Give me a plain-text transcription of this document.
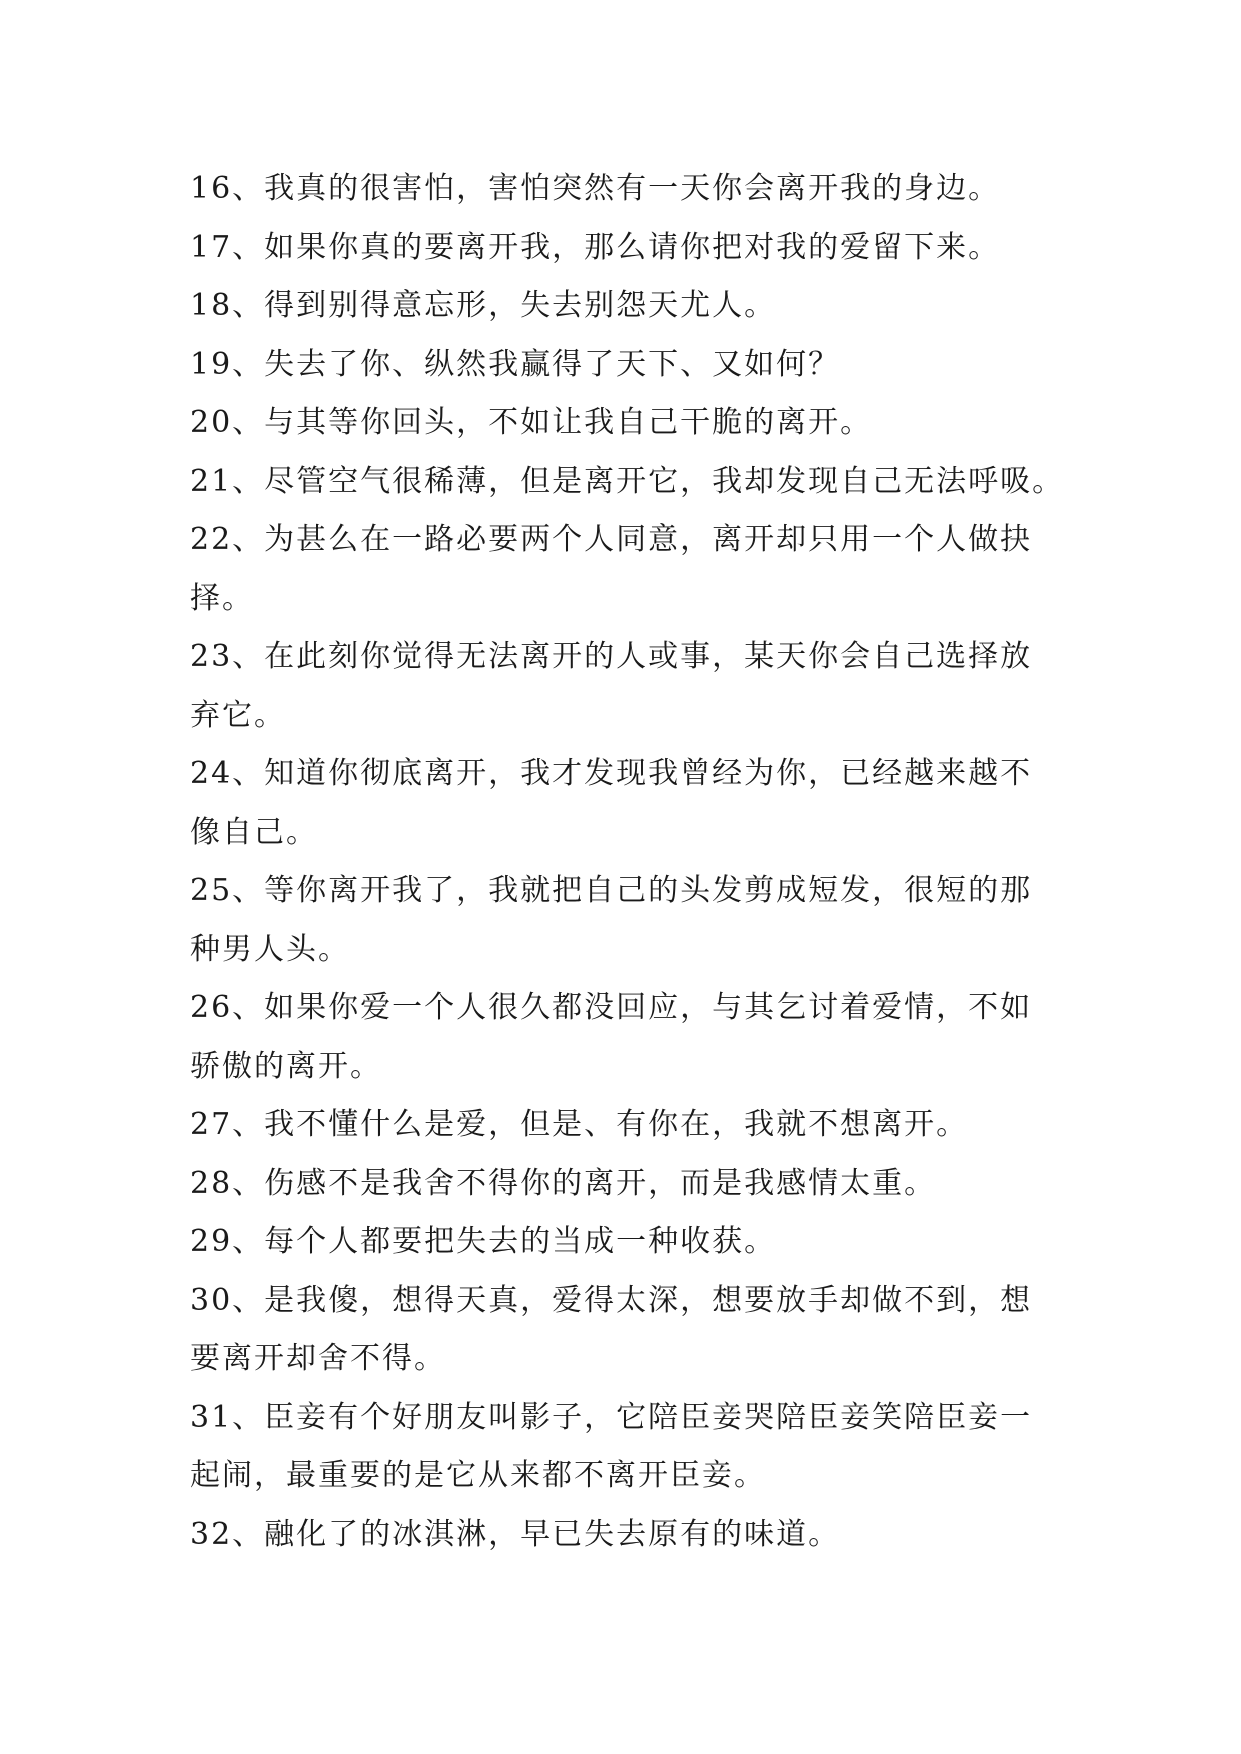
16、我真的很害怕，害怕突然有一天你会离开我的身边。
17、如果你真的要离开我，那么请你把对我的爱留下来。
18、得到别得意忘形，失去别怨天尤人。
19、失去了你、纵然我赢得了天下、又如何？
20、与其等你回头，不如让我自己干脆的离开。
21、尽管空气很稀薄，但是离开它，我却发现自己无法呼吸。
22、为甚么在一路必要两个人同意，离开却只用一个人做抉
择。
23、在此刻你觉得无法离开的人或事，某天你会自己选择放
弃它。
24、知道你彻底离开，我才发现我曾经为你，已经越来越不
像自己。
25、等你离开我了，我就把自己的头发剪成短发，很短的那
种男人头。
26、如果你爱一个人很久都没回应，与其乞讨着爱情，不如
骄傲的离开。
27、我不懂什么是爱，但是、有你在，我就不想离开。
28、伤感不是我舍不得你的离开，而是我感情太重。
29、每个人都要把失去的当成一种收获。
30、是我傻，想得天真，爱得太深，想要放手却做不到，想
要离开却舍不得。
31、臣妾有个好朋友叫影子，它陪臣妾哭陪臣妾笑陪臣妾一
起闹，最重要的是它从来都不离开臣妾。
32、融化了的冰淇淋，早已失去原有的味道。
